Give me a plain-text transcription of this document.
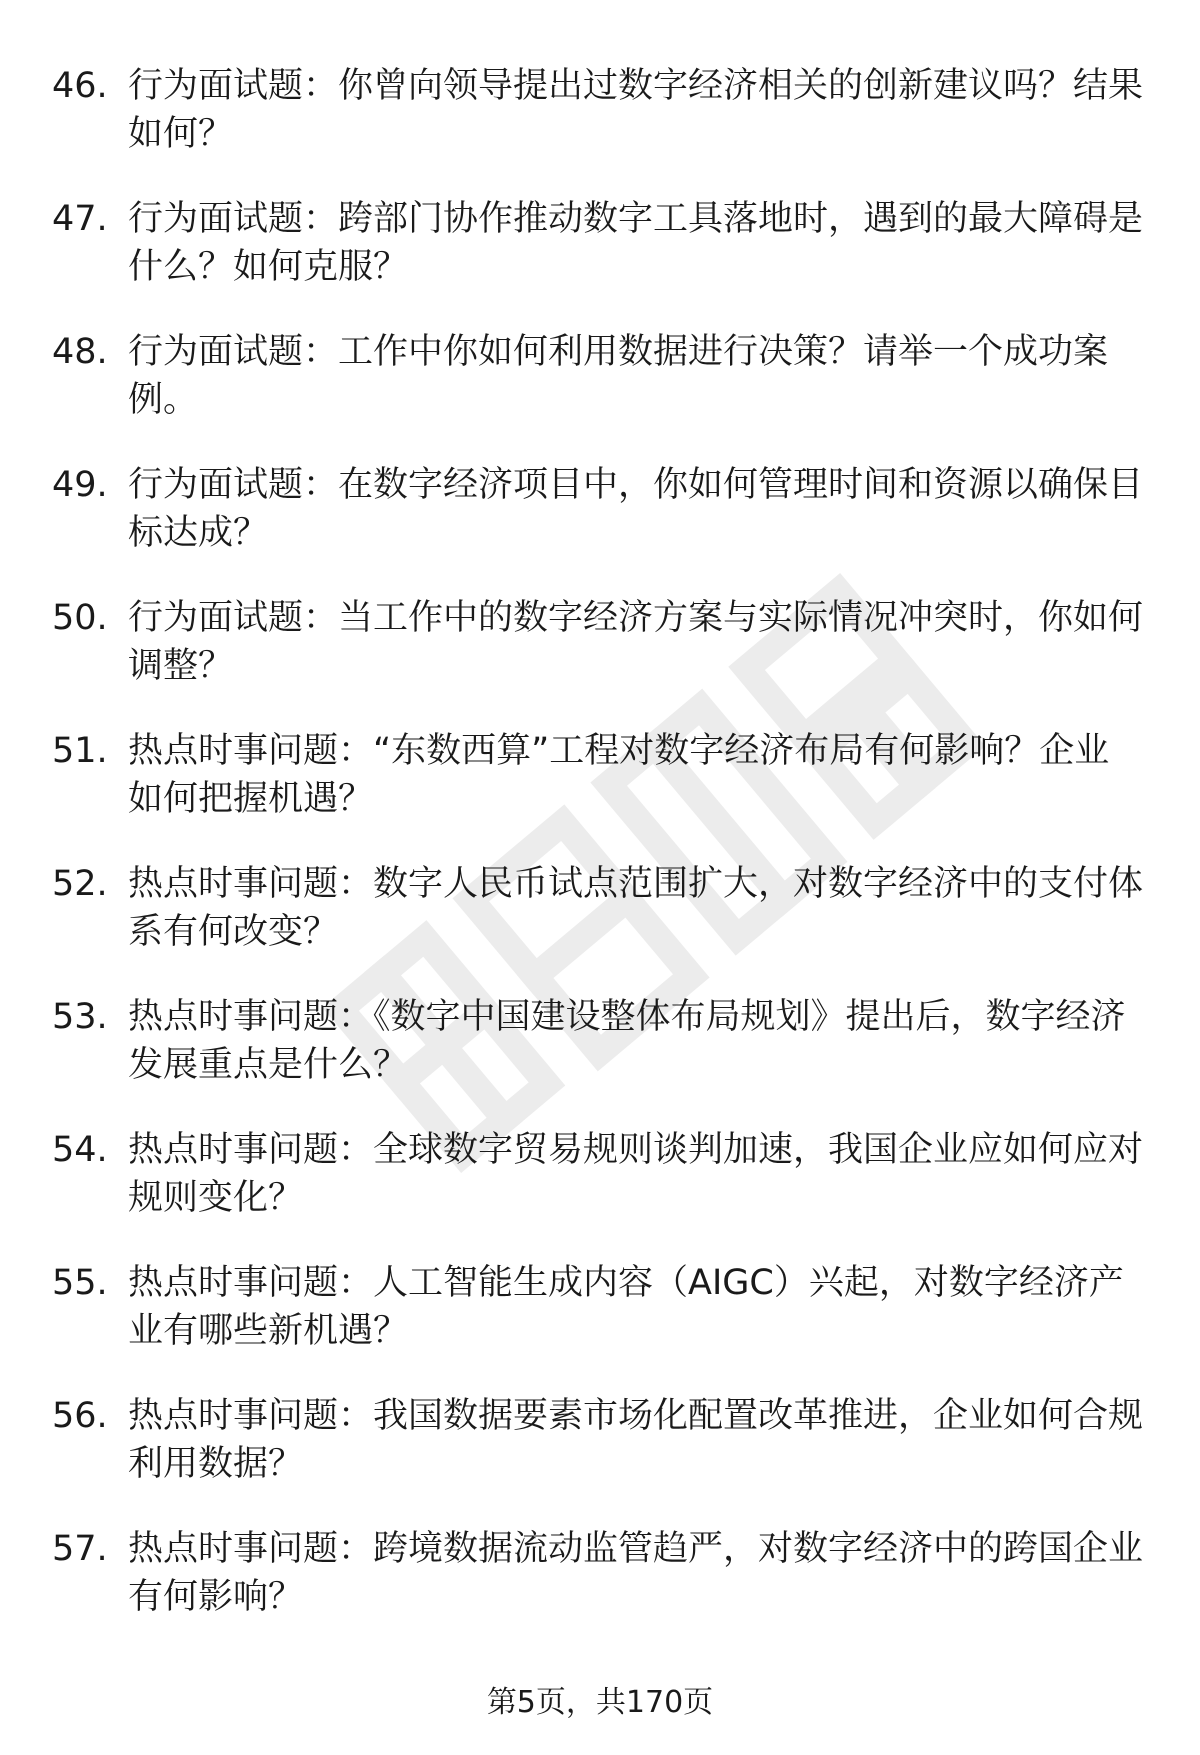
46. 行为面试题：你曾向领导提出过数字经济相关的创新建议吗？结果如何？
47. 行为面试题：跨部门协作推动数字工具落地时，遇到的最大障碍是什么？如何克服？
48. 行为面试题：工作中你如何利用数据进行决策？请举一个成功案例。
49. 行为面试题：在数字经济项目中，你如何管理时间和资源以确保目标达成？
50. 行为面试题：当工作中的数字经济方案与实际情况冲突时，你如何调整？
51. 热点时事问题：“东数西算”工程对数字经济布局有何影响？企业如何把握机遇？
52. 热点时事问题：数字人民币试点范围扩大，对数字经济中的支付体系有何改变？
53. 热点时事问题：《数字中国建设整体布局规划》提出后，数字经济发展重点是什么？
54. 热点时事问题：全球数字贸易规则谈判加速，我国企业应如何应对规则变化？
55. 热点时事问题：人工智能生成内容（AIGC）兴起，对数字经济产业有哪些新机遇？
56. 热点时事问题：我国数据要素市场化配置改革推进，企业如何合规利用数据？
57. 热点时事问题：跨境数据流动监管趋严，对数字经济中的跨国企业有何影响？
第5页，共170页
